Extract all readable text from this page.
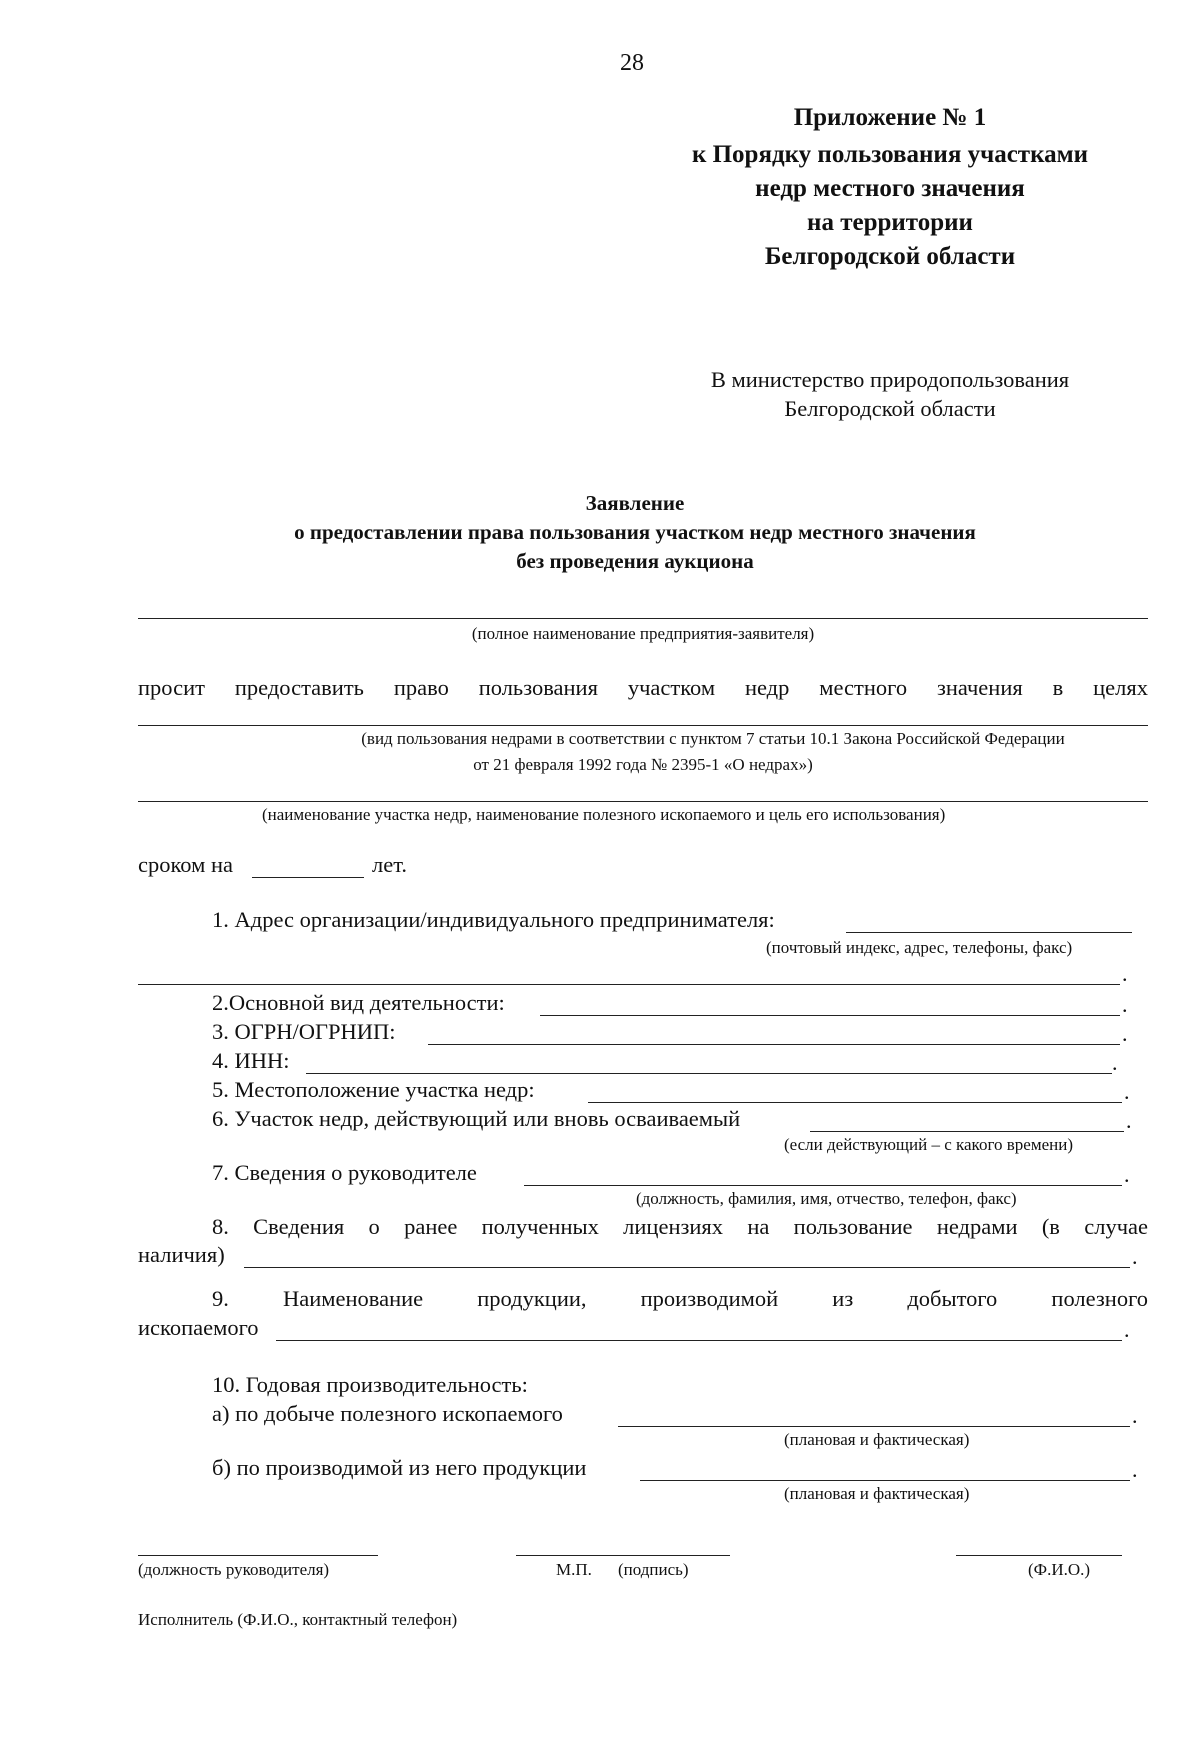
28
Приложение № 1
к Порядку пользования участками
недр местного значения
на территории
Белгородской области
В министерство природопользования
Белгородской области
Заявление
о предоставлении права пользования участком недр местного значения
без проведения аукциона
(полное наименование предприятия-заявителя)
просит предоставить право пользования участком недр местного значения в целях
(вид пользования недрами в соответствии с пунктом 7 статьи 10.1 Закона Российской Федерации
от 21 февраля 1992 года № 2395-1 «О недрах»)
(наименование участка недр, наименование полезного ископаемого и цель его использования)
сроком на	лет.
1. Адрес организации/индивидуального предпринимателя:
(почтовый индекс, адрес, телефоны, факс)
.
2.Основной вид деятельности:	.
3. ОГРН/ОГРНИП:	.
4. ИНН:	.
5. Местоположение участка недр:	.
6. Участок недр, действующий или вновь осваиваемый	.
(если действующий – с какого времени)
7. Сведения о руководителе	.
(должность, фамилия, имя, отчество, телефон, факс)
8. Сведения о ранее полученных лицензиях на пользование недрами (в случае
наличия)	.
9. Наименование продукции, производимой из добытого полезного
ископаемого	.
10. Годовая производительность:
а) по добыче полезного ископаемого	.
(плановая и фактическая)
б) по производимой из него продукции	.
(плановая и фактическая)
(должность руководителя)	М.П. (подпись)	(Ф.И.О.)
Исполнитель (Ф.И.О., контактный телефон)
